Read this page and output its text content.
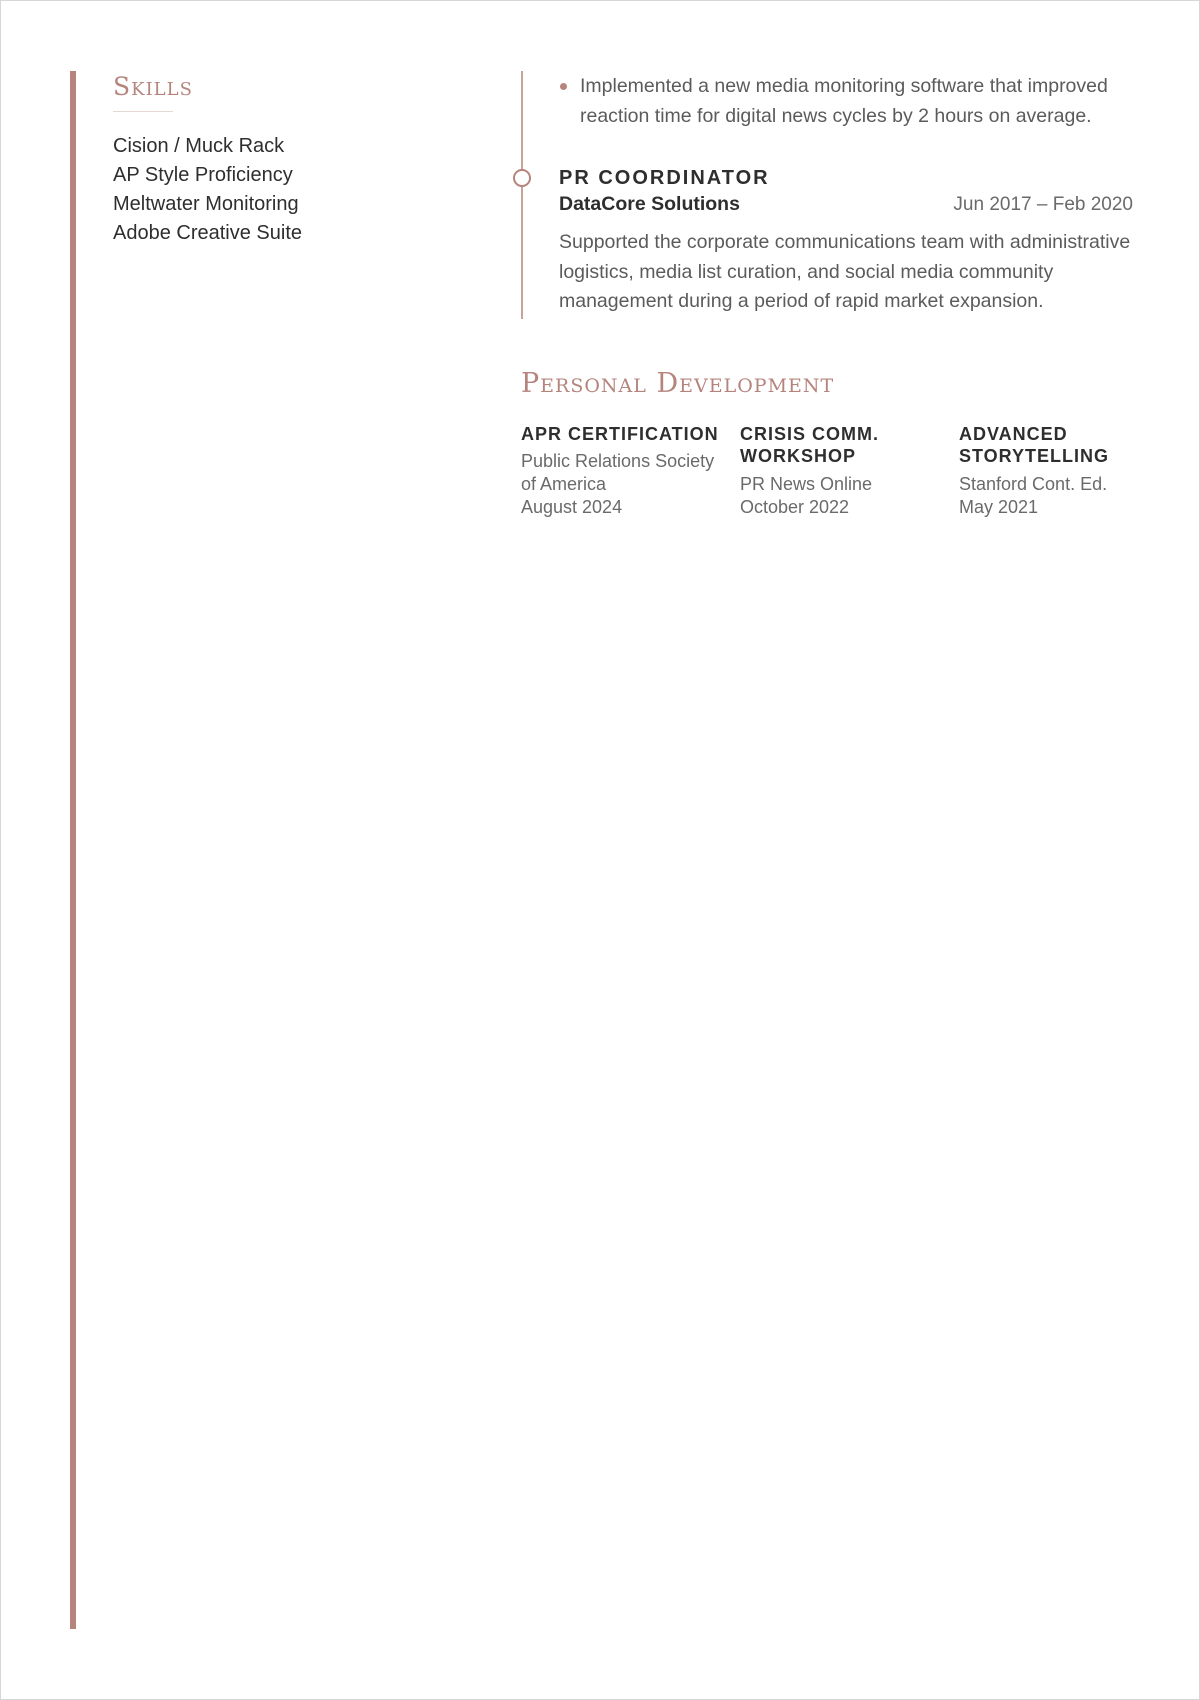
Skills
Cision / Muck Rack
AP Style Proficiency
Meltwater Monitoring
Adobe Creative Suite
Implemented a new media monitoring software that improved reaction time for digital news cycles by 2 hours on average.
PR COORDINATOR
DataCore Solutions	Jun 2017 – Feb 2020

Supported the corporate communications team with administrative logistics, media list curation, and social media community management during a period of rapid market expansion.

Personal Development
APR CERTIFICATION
Public Relations Society of America
August 2024
CRISIS COMM. WORKSHOP
PR News Online
October 2022
ADVANCED STORYTELLING
Stanford Cont. Ed.
May 2021
